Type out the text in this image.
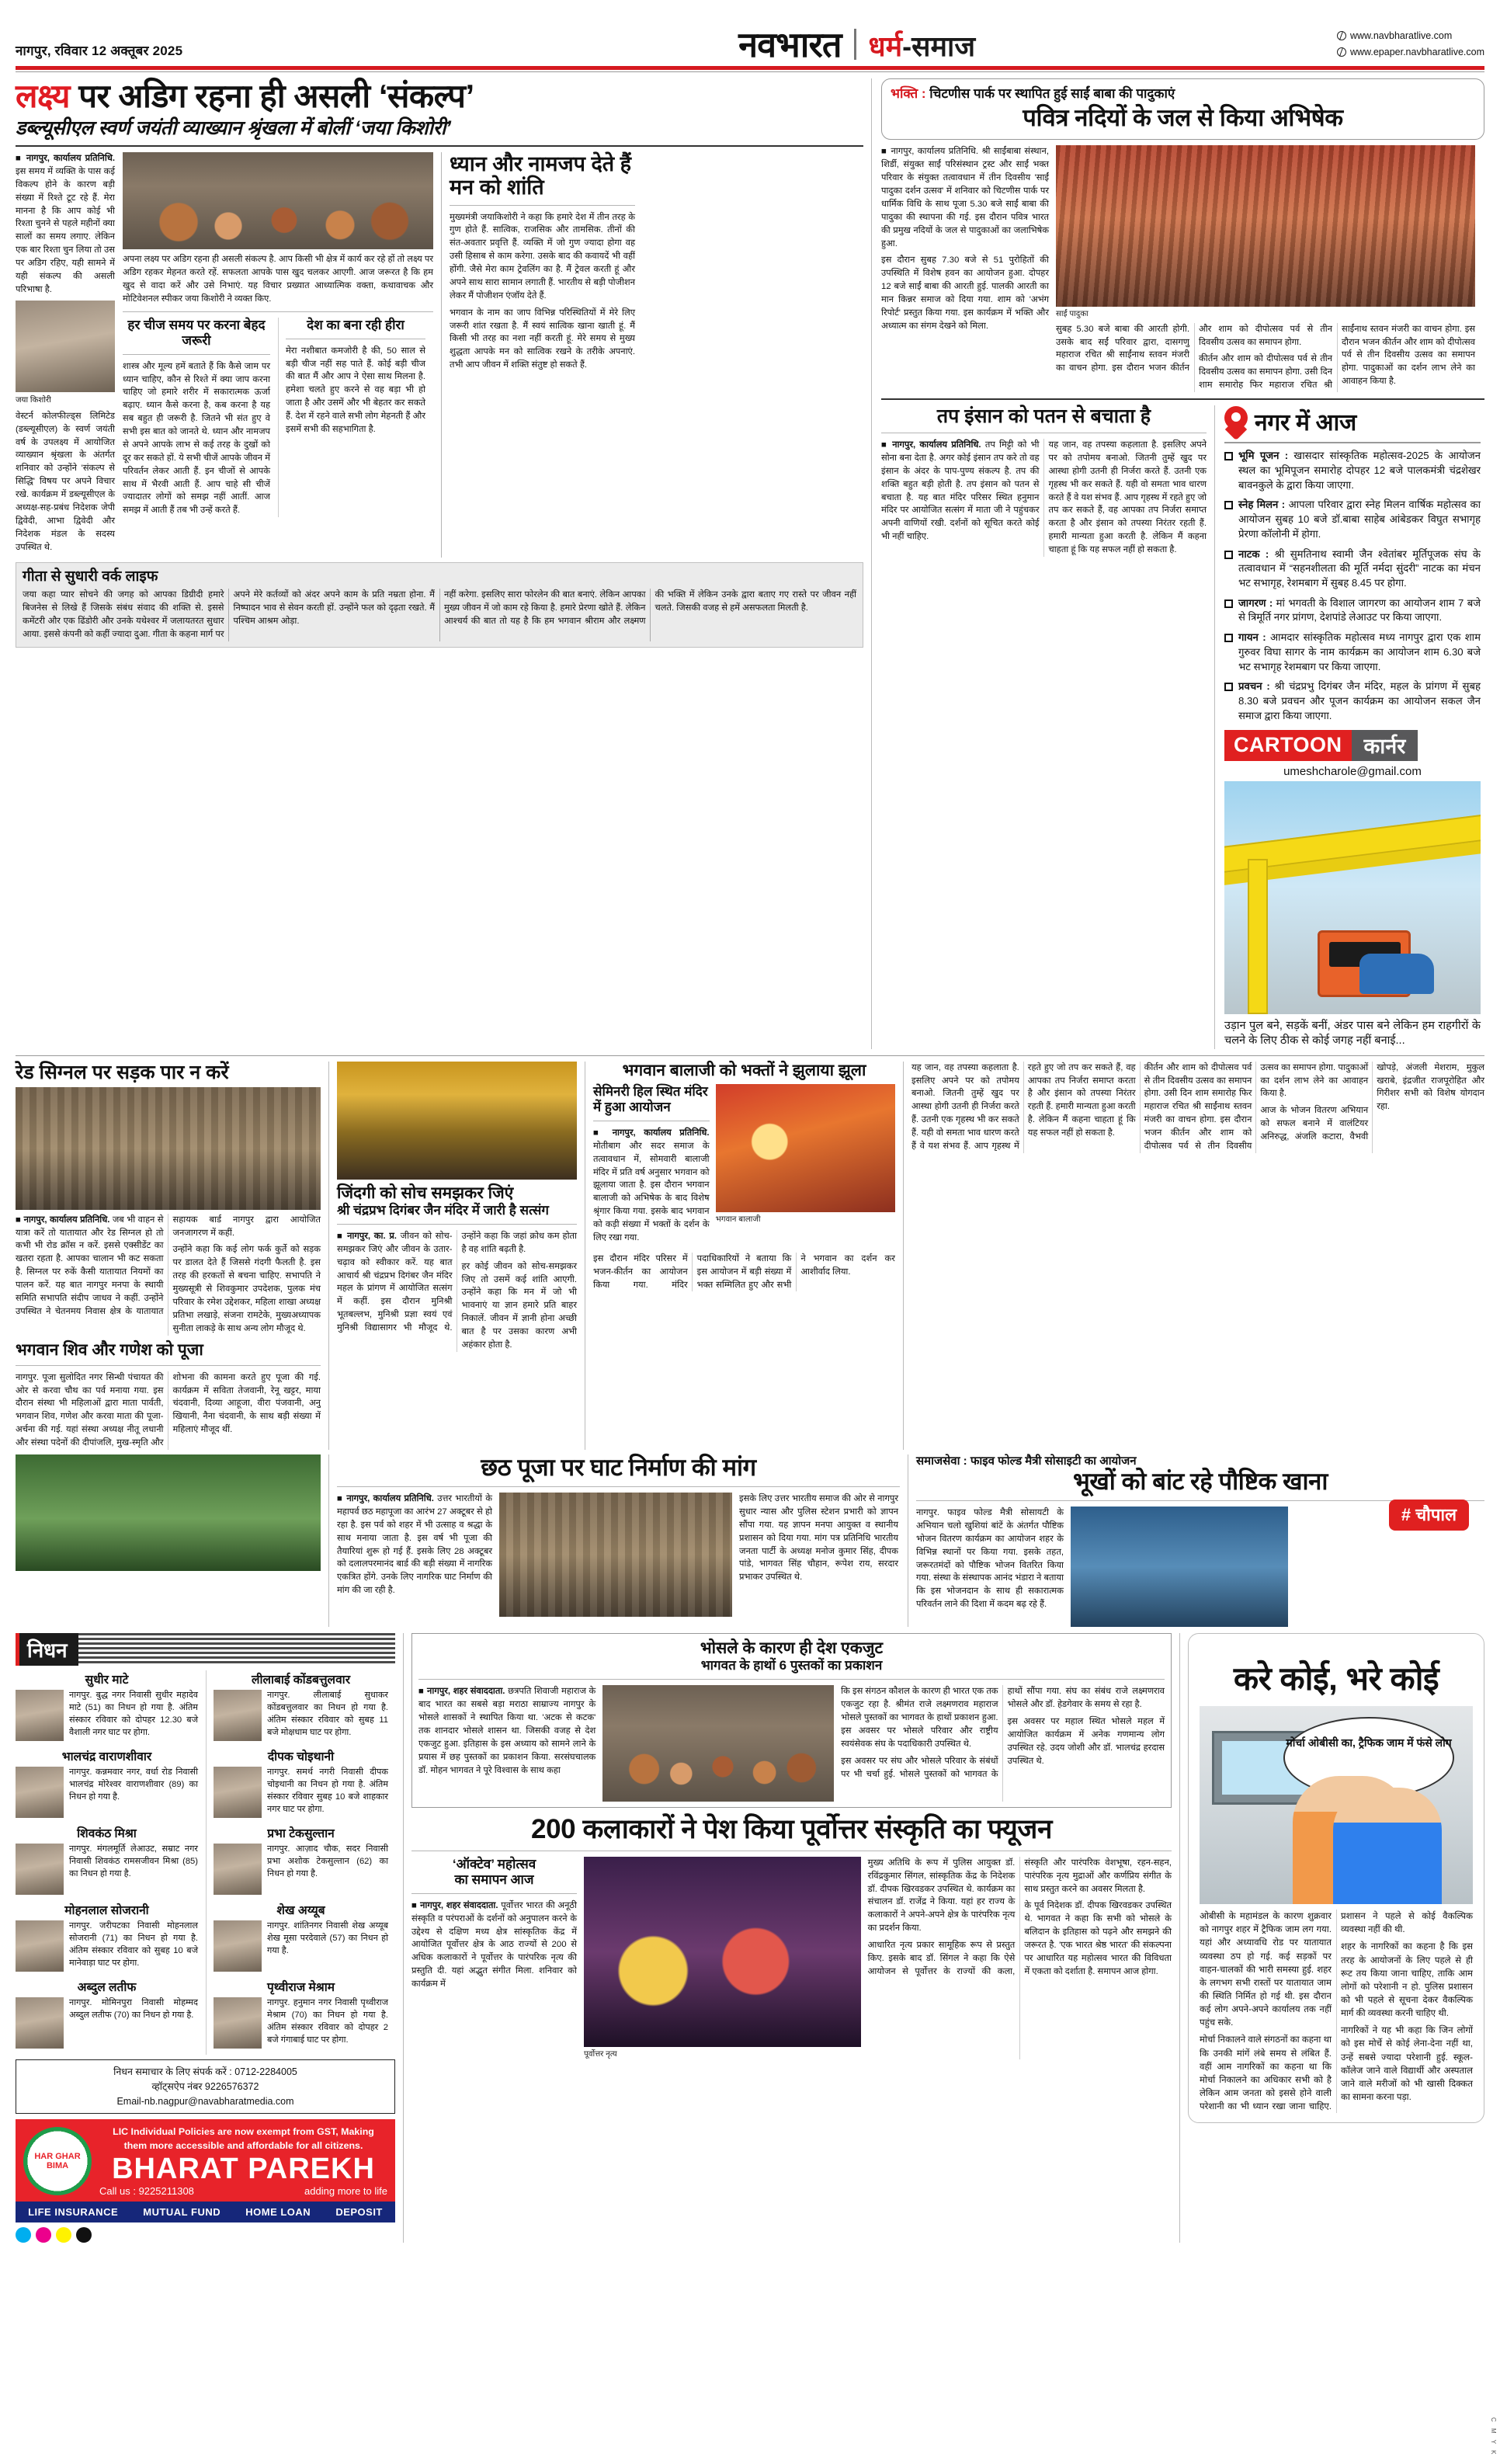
नागपुर, रविवार 12 अक्तूबर 2025	नवभारत धर्म-समाज	www.navbharatlive.com
www.epaper.navbharatlive.com
लक्ष्य पर अडिग रहना ही असली ‘संकल्प’
डब्ल्यूसीएल स्वर्ण जयंती व्याख्यान श्रृंखला में बोलीं ‘जया किशोरी’

■ नागपुर, कार्यालय प्रतिनिधि. इस समय में व्यक्ति के पास कई विकल्प होने के कारण बड़ी संख्या में रिश्ते टूट रहे हैं. मेरा मानना है कि आप कोई भी रिश्ता चुनने से पहले महीनों क्या सालों का समय लगाए. लेकिन एक बार रिश्ता चुन लिया तो उस पर अडिग रहिए, यही सामने में यही संकल्प की असली परिभाषा है.

जया किशोरी

वेस्टर्न कोलफील्ड्स लिमिटेड (डब्ल्यूसीएल) के स्वर्ण जयंती वर्ष के उपलक्ष्य में आयोजित व्याख्यान श्रृंखला के अंतर्गत शनिवार को उन्होंने 'संकल्प से सिद्धि' विषय पर अपने विचार रखे. कार्यक्रम में डब्ल्यूसीएल के अध्यक्ष-सह-प्रबंध निदेशक जेपी द्विवेदी, आभा द्विवेदी और निदेशक मंडल के सदस्य उपस्थित थे.

अपना लक्ष्य पर अडिग रहना ही असली संकल्प है. आप किसी भी क्षेत्र में कार्य कर रहे हों तो लक्ष्य पर अडिग रहकर मेहनत करते रहें. सफलता आपके पास खुद चलकर आएगी. आज जरूरत है कि हम खुद से वादा करें और उसे निभाएं. यह विचार प्रख्यात आध्यात्मिक वक्ता, कथावाचक और मोटिवेशनल स्पीकर जया किशोरी ने व्यक्त किए.

हर चीज समय पर करना बेहद जरूरी
शास्त्र और मूल्य हमें बताते हैं कि कैसे जाम पर ध्यान चाहिए, कौन से रिश्ते में क्या जाप करना चाहिए जो हमारे शरीर में सकारात्मक ऊर्जा बढ़ाए. ध्यान कैसे करना है, कब करना है यह सब बहुत ही जरूरी है. जितने भी संत हुए वे सभी इस बात को जानते थे. ध्यान और नामजप से अपने आपके लाभ से कई तरह के दुखों को दूर कर सकते हों. ये सभी चीजें आपके जीवन में परिवर्तन लेकर आती हैं. इन चीजों से आपके साथ में भैरवी आती हैं. आप चाहे सी चीजें ज्यादातर लोगों को समझ नहीं आतीं. आज समझ में आती हैं तब भी उन्हें करते हैं.
देश का बना रही हीरा
मेरा नशीबात कमजोरी है की, 50 साल से बड़ी चीज नहीं सह पाते हैं. कोई बड़ी चीज की बात मैं और आप ने ऐसा साथ मिलना है. हमेशा चलते हुए करने से वह बड़ा भी हो जाता है और उसमें और भी बेहतर कर सकते हैं. देश में रहने वाले सभी लोग मेहनती हैं और इसमें सभी की सहभागिता है.
ध्यान और नामजप देते हैं मन को शांति

मुख्यमंत्री जयाकिशोरी ने कहा कि हमारे देश में तीन तरह के गुण होते हैं. सात्विक, राजसिक और तामसिक. तीनों की संत-अवतार प्रवृत्ति हैं. व्यक्ति में जो गुण ज्यादा होगा वह उसी हिसाब से काम करेगा. उसके बाद की कवायदें भी वहीं होंगी. जैसे मेरा काम ट्रेवलिंग का है. मैं ट्रेवल करती हूं और अपने साथ सारा सामान लगाती हैं. भारतीय से बड़ी पोजीशन लेकर मैं पोजीशन एंजॉय देते हैं.

भगवान के नाम का जाप विभिन्न परिस्थितियों में मेरे लिए जरूरी शांत रखता है. मैं स्वयं सात्विक खाना खाती हूं. मैं किसी भी तरह का नशा नहीं करती हूं. मेरे समय से मुख्य शुद्धता आपके मन को सात्विक रखने के तरीके अपनाएं. तभी आप जीवन में शक्ति संतुष्ट हो सकते हैं.

गीता से सुधारी वर्क लाइफ

जया कहा प्यार सोचने की जगह को आपका डिग्रीदी हमारे बिजनेस से लिखे हैं जिसके संबंध संवाद की शक्ति से. इससे कमेंटरी और एक ढिंडोरी और उनके यथेश्वर में जलायतरत सुधार आया. इससे कंपनी को कहीं ज्यादा दुआ. गीता के कहना मार्ग पर अपने मेरे कर्तव्यों को अंदर अपने काम के प्रति नम्रता होना. मैं निष्पादन भाव से सेवन करती हों. उन्होंने फल को दृढ़ता रखते. मैं पश्चिम आश्रम ओड़ा.

नहीं करेगा. इसलिए सारा फोरलेन की बात बनाएं. लेकिन आपका मुख्य जीवन में जो काम रहे किया है. हमारे प्रेरणा खोते हैं. लेकिन आश्चर्य की बात तो यह है कि हम भगवान श्रीराम और लक्ष्मण की भक्ति में लेकिन उनके द्वारा बताए गए रास्ते पर जीवन नहीं चलते. जिसकी वजह से हमें असफलता मिलती है.

भक्ति : चिटणीस पार्क पर स्थापित हुई साईं बाबा की पादुकाएं
पवित्र नदियों के जल से किया अभिषेक

■ नागपुर, कार्यालय प्रतिनिधि. श्री साईंबाबा संस्थान, शिर्डी, संयुक्त साईं परिसंस्थान ट्रस्ट और साईं भक्त परिवार के संयुक्त तत्वावधान में तीन दिवसीय 'साईं पादुका दर्शन उत्सव' में शनिवार को चिटणीस पार्क पर धार्मिक विधि के साथ पूजा 5.30 बजे साईं बाबा की पादुका की स्थापना की गई. इस दौरान पवित्र भारत की प्रमुख नदियों के जल से पादुकाओं का जलाभिषेक हुआ.

इस दौरान सुबह 7.30 बजे से 51 पुरोहितों की उपस्थिति में विशेष हवन का आयोजन हुआ. दोपहर 12 बजे साईं बाबा की आरती हुई. पालकी आरती का मान किन्नर समाज को दिया गया. शाम को 'अभंग रिपोर्ट' प्रस्तुत किया गया. इस कार्यक्रम में भक्ति और अध्यात्म का संगम देखने को मिला.

साईं पादुका

सुबह 5.30 बजे बाबा की आरती होगी. उसके बाद सईं परिवार द्वारा, दासगणु महाराज रचित श्री साईंनाथ स्तवन मंजरी का वाचन होगा. इस दौरान भजन कीर्तन और शाम को दीपोत्सव पर्व से तीन दिवसीय उत्सव का समापन होगा.

कीर्तन और शाम को दीपोत्सव पर्व से तीन दिवसीय उत्सव का समापन होगा. उसी दिन शाम समारोह फिर महाराज रचित श्री साईंनाथ स्तवन मंजरी का वाचन होगा. इस दौरान भजन कीर्तन और शाम को दीपोत्सव पर्व से तीन दिवसीय उत्सव का समापन होगा. पादुकाओं का दर्शन लाभ लेने का आवाहन किया है.

तप इंसान को पतन से बचाता है

■ नागपुर, कार्यालय प्रतिनिधि. तप मिट्टी को भी सोना बना देता है. अगर कोई इंसान तप करे तो वह इंसान के अंदर के पाप-पुण्य संकल्प है. तप की शक्ति बहुत बड़ी होती है. तप इंसान को पतन से बचाता है. यह बात मंदिर परिसर स्थित हनुमान मंदिर पर आयोजित सत्संग में माता जी ने पहुंचकर अपनी वाणियों रखी. दर्शनों को सूचित करते कोई भी नहीं चाहिए.

यह जान, वह तपस्या कहलाता है. इसलिए अपने पर को तपोमय बनाओ. जितनी तुम्हें खुद पर आस्था होगी उतनी ही निर्जरा करते हैं. उतनी एक गृहस्थ भी कर सकते हैं. यही वो समता भाव धारण करते हैं वे यश संभव हैं. आप गृहस्थ में रहते हुए जो तप कर सकते हैं, वह आपका तप निर्जरा समाप्त करता है और इंसान को तपस्या निरंतर रहती हैं. हमारी मान्यता हुआ करती है. लेकिन मैं कहना चाहता हूं कि यह सफल नहीं हो सकता है.

नगर में आज
भूमि पूजन : खासदार सांस्कृतिक महोत्सव-2025 के आयोजन स्थल का भूमिपूजन समारोह दोपहर 12 बजे पालकमंत्री चंद्रशेखर बावनकुले के द्वारा किया जाएगा.
स्नेह मिलन : आपला परिवार द्वारा स्नेह मिलन वार्षिक महोत्सव का आयोजन सुबह 10 बजे डॉ.बाबा साहेब आंबेडकर विघुत सभागृह प्रेरणा कॉलोनी में होगा.
नाटक : श्री सुमतिनाथ स्वामी जैन श्वेतांबर मूर्तिपूजक संघ के तत्वावधान में “सहनशीलता की मूर्ति नर्मदा सुंदरी” नाटक का मंचन भट सभागृह, रेशमबाग में सुबह 8.45 पर होगा.
जागरण : मां भगवती के विशाल जागरण का आयोजन शाम 7 बजे से त्रिमूर्ति नगर प्रांगण, देशपांडे लेआउट पर किया जाएगा.
गायन : आमदार सांस्कृतिक महोत्सव मध्य नागपुर द्वारा एक शाम गुरुवर विघा सागर के नाम कार्यक्रम का आयोजन शाम 6.30 बजे भट सभागृह रेशमबाग पर किया जाएगा.
प्रवचन : श्री चंद्रप्रभु दिगंबर जैन मंदिर, महल के प्रांगण में सुबह 8.30 बजे प्रवचन और पूजन कार्यक्रम का आयोजन सकल जैन समाज द्वारा किया जाएगा.
CARTOON	कार्नर
umeshcharole@gmail.com
उड़ान पुल बने, सड़कें बनीं, अंडर पास बने लेकिन हम राहगीरों के चलने के लिए ठीक से कोई जगह नहीं बनाई...
रेड सिग्नल पर सड़क पार न करें

■ नागपुर, कार्यालय प्रतिनिधि. जब भी वाहन से यात्रा करें तो यातायात और रेड सिग्नल हो तो कभी भी रोड क्रॉस न करें. इससे एक्सीडेंट का खतरा रहता है. आपका चालान भी कट सकता है. सिग्नल पर रुकें कैसी यातायात नियमों का पालन करें. यह बात नागपुर मनपा के स्थायी समिति सभापति संदीप जाधव ने कहीं. उन्होंने उपस्थित ने चेतनमय निवास क्षेत्र के यातायात सहायक बार्ड नागपुर द्वारा आयोजित जनजागरण में कहीं.

उन्होंने कहा कि कई लोग फर्क कुर्ते को सड़क पर डालत देते हैं जिससे गंदगी फैलती है. इस तरह की हरकतों से बचना चाहिए. सभापति ने मुख्यसूत्री से शिवकुमार उपदेशक, पुलक मंच परिवार के रमेश उद्देशकर, महिला शाखा अध्यक्ष प्रतिभा लखाड़े, संजना रामटेके, मुख्यअध्यापक सुनीता लाकड़े के साथ अन्य लोग मौजूद थे.

भगवान शिव और गणेश को पूजा
नागपुर. पूजा सुलोदित नगर सिन्धी पंचायत की ओर से करवा चौथ का पर्व मनाया गया. इस दौरान संस्था भी महिलाओं द्वारा माता पार्वती, भगवान शिव, गणेश और करवा माता की पूजा-अर्चना की गई. यहां संस्था अध्यक्ष नीतू लधानी और संस्था पदेनों की दीपांजलि, मुख-स्मृति और शोभना की कामना करते हुए पूजा की गई. कार्यक्रम में सविता तेजवानी, रेनू खट्टर, माया चंदवानी, दिव्या आहूजा, वीरा पंजवानी, अनु खियानी, नैना चंदवानी, के साथ बड़ी संख्या में महिलाएं मौजूद थीं.
जिंदगी को सोच समझकर जिएं
श्री चंद्रप्रभ दिगंबर जैन मंदिर में जारी है सत्संग

■ नागपुर, का. प्र. जीवन को सोच-समझकर जिएं और जीवन के उतार-चढ़ाव को स्वीकार करें. यह बात आचार्य श्री चंद्रप्रभ दिगंबर जैन मंदिर महल के प्रांगण में आयोजित सत्संग में कहीं. इस दौरान मुनिश्री भूतबल्लभ, मुनिश्री प्रज्ञा स्वयं एवं मुनिश्री विद्यासागर भी मौजूद थे. उन्होंने कहा कि जहां क्रोध कम होता है वह शांति बढ़ती है.

हर कोई जीवन को सोच-समझकर जिए तो उसमें कई शांति आएगी. उन्होंने कहा कि मन में जो भी भावनाएं या ज्ञान हमारे प्रति बाहर निकालें. जीवन में ज्ञानी होना अच्छी बात है पर उसका कारण अभी अहंकार होता है.

भगवान बालाजी को भक्तों ने झुलाया झूला
सेमिनरी हिल स्थित मंदिर में हुआ आयोजन

■ नागपुर, कार्यालय प्रतिनिधि. मोतीबाग और सदर समाज के तत्वावधान में, सोमवारी बालाजी मंदिर में प्रति वर्ष अनुसार भगवान को झूलाया जाता है. इस दौरान भगवान बालाजी को अभिषेक के बाद विशेष श्रृंगार किया गया. इसके बाद भगवान को कड़ी संख्या में भक्तों के दर्शन के लिए रखा गया.

भगवान बालाजी

इस दौरान मंदिर परिसर में भजन-कीर्तन का आयोजन किया गया. मंदिर पदाधिकारियों ने बताया कि इस आयोजन में बड़ी संख्या में भक्त सम्मिलित हुए और सभी ने भगवान का दर्शन कर आशीर्वाद लिया.

यह जान, वह तपस्या कहलाता है. इसलिए अपने पर को तपोमय बनाओ. जितनी तुम्हें खुद पर आस्था होगी उतनी ही निर्जरा करते हैं. उतनी एक गृहस्थ भी कर सकते हैं. यही वो समता भाव धारण करते हैं वे यश संभव हैं. आप गृहस्थ में रहते हुए जो तप कर सकते हैं, वह आपका तप निर्जरा समाप्त करता है और इंसान को तपस्या निरंतर रहती हैं. हमारी मान्यता हुआ करती है. लेकिन मैं कहना चाहता हूं कि यह सफल नहीं हो सकता है.

कीर्तन और शाम को दीपोत्सव पर्व से तीन दिवसीय उत्सव का समापन होगा. उसी दिन शाम समारोह फिर महाराज रचित श्री साईंनाथ स्तवन मंजरी का वाचन होगा. इस दौरान भजन कीर्तन और शाम को दीपोत्सव पर्व से तीन दिवसीय उत्सव का समापन होगा. पादुकाओं का दर्शन लाभ लेने का आवाहन किया है.

आज के भोजन वितरण अभियान को सफल बनाने में वालंटियर अनिरुद्ध, अंजलि कटारा, वैभवी खोपड़े, अंजली मेशराम, मुकुल खराबे, इंद्रजीत राजपूरोहित और गिरीशर सभी को विशेष योगदान रहा.

छठ पूजा पर घाट निर्माण की मांग

■ नागपुर, कार्यालय प्रतिनिधि. उत्तर भारतीयों के महापर्व छठ महापूजा का आरंभ 27 अक्टूबर से हो रहा है. इस पर्व को शहर में भी उत्साह व श्रद्धा के साथ मनाया जाता है. इस वर्ष भी पूजा की तैयारियां शुरू हो गई हैं. इसके लिए 28 अक्टूबर को दलालपरमानंद बार्ड की बड़ी संख्या में नागरिक एकत्रित होंगे. उनके लिए नागरिक घाट निर्माण की मांग की जा रही है.

इसके लिए उत्तर भारतीय समाज की ओर से नागपुर सुधार न्यास और पुलिस स्टेशन प्रभारी को ज्ञापन सौंपा गया. यह ज्ञापन मनपा आयुक्त व स्थानीय प्रशासन को दिया गया. मांग पत्र प्रतिनिधि भारतीय जनता पार्टी के अध्यक्ष मनोज कुमार सिंह, दीपक पांडे, भागवत सिंह चौहान, रूपेश राय, सरदार प्रभाकर उपस्थित थे.

समाजसेवा : फाइव फोल्ड मैत्री सोसाइटी का आयोजन
भूखों को बांट रहे पौष्टिक खाना

नागपुर. फाइव फोल्ड मैत्री सोसायटी के अभियान चलो खुशियां बांटें के अंतर्गत पौष्टिक भोजन वितरण कार्यक्रम का आयोजन शहर के विभिन्न स्थानों पर किया गया. इसके तहत, जरूरतमंदों को पौष्टिक भोजन वितरित किया गया. संस्था के संस्थापक आनंद भंडारा ने बताया कि इस भोजनदान के साथ ही सकारात्मक परिवर्तन लाने की दिशा में कदम बढ़ रहे हैं.

# चौपाल
निधन
सुधीर माटे
नागपुर. बुद्ध नगर निवासी सुधीर महादेव माटे (51) का निधन हो गया है. अंतिम संस्कार रविवार को दोपहर 12.30 बजे वैशाली नगर घाट पर होगा.
भालचंद्र वाराणशीवार
नागपुर. कन्नमवार नगर, वर्धा रोड निवासी भालचंद्र मोरेश्वर वाराणशीवार (89) का निधन हो गया है.
शिवकंठ मिश्रा
नागपुर. मंगलमूर्ति लेआउट, सम्राट नगर निवासी शिवकंठ रामसजीवन मिश्रा (85) का निधन हो गया है.
मोहनलाल सोजरानी
नागपुर. जरीपटका निवासी मोहनलाल सोजरानी (71) का निधन हो गया है. अंतिम संस्कार रविवार को सुबह 10 बजे मानेवाड़ा घाट पर होगा.
अब्दुल लतीफ
नागपुर. मोमिनपुरा निवासी मोहम्मद अब्दुल लतीफ (70) का निधन हो गया है.
लीलाबाई कोंडबत्तुलवार
नागपुर. लीलाबाई सुधाकर कोंडबत्तुलवार का निधन हो गया है. अंतिम संस्कार रविवार को सुबह 11 बजे मोक्षधाम घाट पर होगा.
दीपक चोइथानी
नागपुर. समर्थ नगरी निवासी दीपक चोइथानी का निधन हो गया है. अंतिम संस्कार रविवार सुबह 10 बजे शाहकार नगर घाट पर होगा.
प्रभा टेकसुल्तान
नागपुर. आज़ाद चौक, सदर निवासी प्रभा अशोक टेकसुल्तान (62) का निधन हो गया है.
शेख अय्यूब
नागपुर. शांतिनगर निवासी शेख अय्यूब शेख मूसा परदेवाले (57) का निधन हो गया है.
पृथ्वीराज मेश्राम
नागपुर. हनुमान नगर निवासी पृथ्वीराज मेश्राम (70) का निधन हो गया है. अंतिम संस्कार रविवार को दोपहर 2 बजे गंगाबाई घाट पर होगा.
निधन समाचार के लिए संपर्क करें : 0712-2284005
व्हॉट्सऐप नंबर 9226576372
Email-nb.nagpur@navabharatmedia.com
HAR GHAR BIMA
LIC Individual Policies are now exempt from GST, Making
them more accessible and affordable for all citizens.
BHARAT PAREKH
Call us : 9225211308	adding more to life
LIFE INSURANCE MUTUAL FUND HOME LOAN DEPOSIT
भोसले के कारण ही देश एकजुट
भागवत के हाथों 6 पुस्तकों का प्रकाशन

■ नागपुर, शहर संवाददाता. छत्रपति शिवाजी महाराज के बाद भारत का सबसे बड़ा मराठा साम्राज्य नागपुर के भोसले शासकों ने स्थापित किया था. 'अटक से कटक' तक शानदार भोसले शासन था. जिसकी वजह से देश एकजुट हुआ. इतिहास के इस अध्याय को सामने लाने के प्रयास में छह पुस्तकों का प्रकाशन किया. सरसंघचालक डॉ. मोहन भागवत ने पूरे विश्वास के साथ कहा

कि इस संगठन कौशल के कारण ही भारत एक तक एकजुट रहा है. श्रीमंत राजे लक्ष्मणराव महाराज भोसले पुस्तकों का भागवत के हाथों प्रकाशन हुआ. इस अवसर पर भोसले परिवार और राष्ट्रीय स्वयंसेवक संघ के पदाधिकारी उपस्थित थे.

इस अवसर पर संघ और भोसले परिवार के संबंधों पर भी चर्चा हुई. भोसले पुस्तकों को भागवत के हाथों सौंपा गया. संघ का संबंध राजे लक्ष्मणराव भोसले और डॉ. हेडगेवार के समय से रहा है.

इस अवसर पर महाल स्थित भोसले महल में आयोजित कार्यक्रम में अनेक गणमान्य लोग उपस्थित रहे. उदय जोशी और डॉ. भालचंद्र हरदास उपस्थित थे.

200 कलाकारों ने पेश किया पूर्वोत्तर संस्कृति का फ्यूजन
‘ऑक्टेव’ महोत्सव
का समापन आज

■ नागपुर, शहर संवाददाता. पूर्वोत्तर भारत की अनूठी संस्कृति व परंपराओं के दर्शनों को अनुपालन करने के उद्देश्य से दक्षिण मध्य क्षेत्र सांस्कृतिक केंद्र में आयोजित पूर्वोत्तर क्षेत्र के आठ राज्यों से 200 से अधिक कलाकारों ने पूर्वोत्तर के पारंपरिक नृत्य की प्रस्तुति दी. यहां अद्भुत संगीत मिला. शनिवार को कार्यक्रम में

पूर्वोत्तर नृत्य

मुख्य अतिथि के रूप में पुलिस आयुक्त डॉ. रविंद्रकुमार सिंगल, सांस्कृतिक केंद्र के निदेशक डॉ. दीपक खिरवडकर उपस्थित थे. कार्यक्रम का संचालन डॉ. राजेंद्र ने किया. यहां हर राज्य के कलाकारों ने अपने-अपने क्षेत्र के पारंपरिक नृत्य का प्रदर्शन किया.

आधारित नृत्य प्रकार सामूहिक रूप से प्रस्तुत किए. इसके बाद डॉ. सिंगल ने कहा कि ऐसे आयोजन से पूर्वोत्तर के राज्यों की कला, संस्कृति और पारंपरिक वेशभूषा, रहन-सहन, पारंपरिक नृत्य मुद्राओं और कर्णप्रिय संगीत के साथ प्रस्तुत करने का अवसर मिलता है.

के पूर्व निदेशक डॉ. दीपक खिरवडकर उपस्थित थे. भागवत ने कहा कि सभी को भोसले के बलिदान के इतिहास को पढ़ने और समझने की जरूरत है. 'एक भारत श्रेष्ठ भारत' की संकल्पना पर आधारित यह महोत्सव भारत की विविधता में एकता को दर्शाता है. समापन आज होगा.

करे कोई, भरे कोई
मोर्चा ओबीसी का, ट्रैफिक जाम में फंसे लोग

ओबीसी के महामंडल के कारण शुक्रवार को नागपुर शहर में ट्रैफिक जाम लग गया. यहां और अध्यावधि रोड पर यातायात व्यवस्था ठप हो गई. कई सड़कों पर वाहन-चालकों की भारी समस्या हुई. शहर के लगभग सभी रास्तों पर यातायात जाम की स्थिति निर्मित हो गई थी. इस दौरान कई लोग अपने-अपने कार्यालय तक नहीं पहुंच सके.

मोर्चा निकालने वाले संगठनों का कहना था कि उनकी मांगें लंबे समय से लंबित हैं. वहीं आम नागरिकों का कहना था कि मोर्चा निकालने का अधिकार सभी को है लेकिन आम जनता को इससे होने वाली परेशानी का भी ध्यान रखा जाना चाहिए. प्रशासन ने पहले से कोई वैकल्पिक व्यवस्था नहीं की थी.

शहर के नागरिकों का कहना है कि इस तरह के आयोजनों के लिए पहले से ही रूट तय किया जाना चाहिए, ताकि आम लोगों को परेशानी न हो. पुलिस प्रशासन को भी पहले से सूचना देकर वैकल्पिक मार्ग की व्यवस्था करनी चाहिए थी.

नागरिकों ने यह भी कहा कि जिन लोगों को इस मोर्चे से कोई लेना-देना नहीं था, उन्हें सबसे ज्यादा परेशानी हुई. स्कूल-कॉलेज जाने वाले विद्यार्थी और अस्पताल जाने वाले मरीजों को भी खासी दिक्कत का सामना करना पड़ा.

C M Y K
